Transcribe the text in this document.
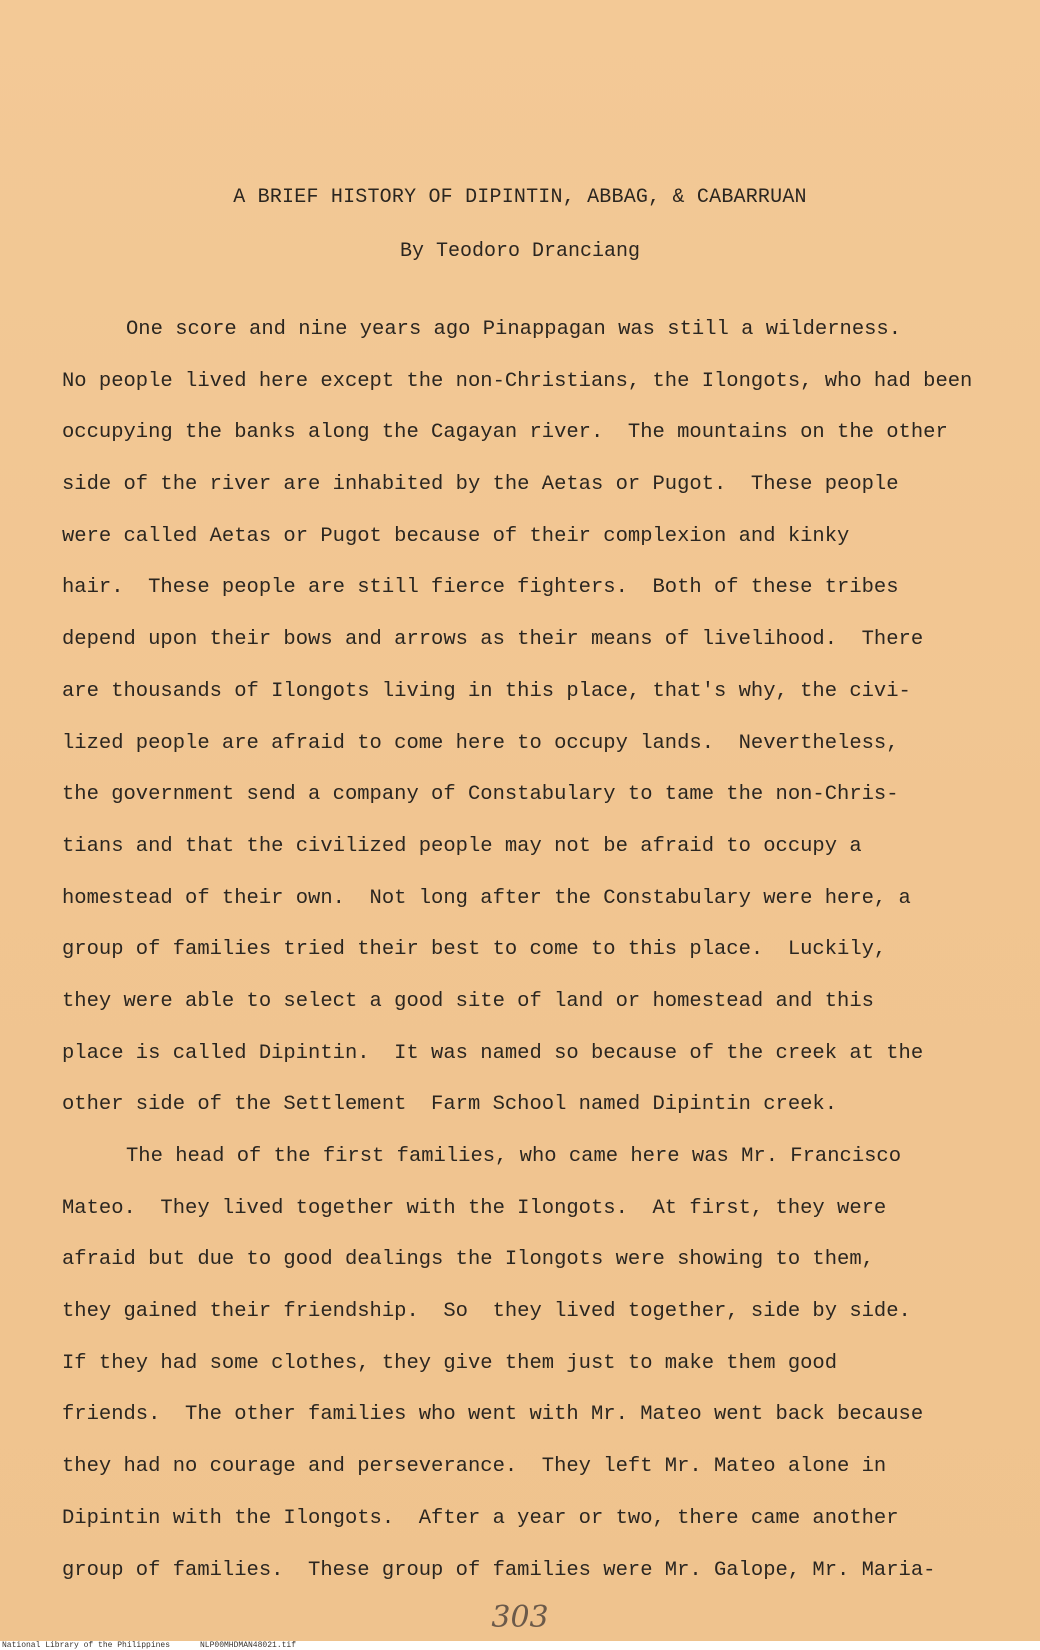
A BRIEF HISTORY OF DIPINTIN, ABBAG, & CABARRUAN
By Teodoro Dranciang
One score and nine years ago Pinappagan was still a wilderness.
No people lived here except the non-Christians, the Ilongots, who had been
occupying the banks along the Cagayan river.  The mountains on the other
side of the river are inhabited by the Aetas or Pugot.  These people
were called Aetas or Pugot because of their complexion and kinky
hair.  These people are still fierce fighters.  Both of these tribes
depend upon their bows and arrows as their means of livelihood.  There
are thousands of Ilongots living in this place, that's why, the civi-
lized people are afraid to come here to occupy lands.  Nevertheless,
the government send a company of Constabulary to tame the non-Chris-
tians and that the civilized people may not be afraid to occupy a
homestead of their own.  Not long after the Constabulary were here, a
group of families tried their best to come to this place.  Luckily,
they were able to select a good site of land or homestead and this
place is called Dipintin.  It was named so because of the creek at the
other side of the Settlement  Farm School named Dipintin creek.
The head of the first families, who came here was Mr. Francisco
Mateo.  They lived together with the Ilongots.  At first, they were
afraid but due to good dealings the Ilongots were showing to them,
they gained their friendship.  So  they lived together, side by side.
If they had some clothes, they give them just to make them good
friends.  The other families who went with Mr. Mateo went back because
they had no courage and perseverance.  They left Mr. Mateo alone in
Dipintin with the Ilongots.  After a year or two, there came another
group of families.  These group of families were Mr. Galope, Mr. Maria-
303
National Library of the Philippines	NLP00MHDMAN48021.tif
